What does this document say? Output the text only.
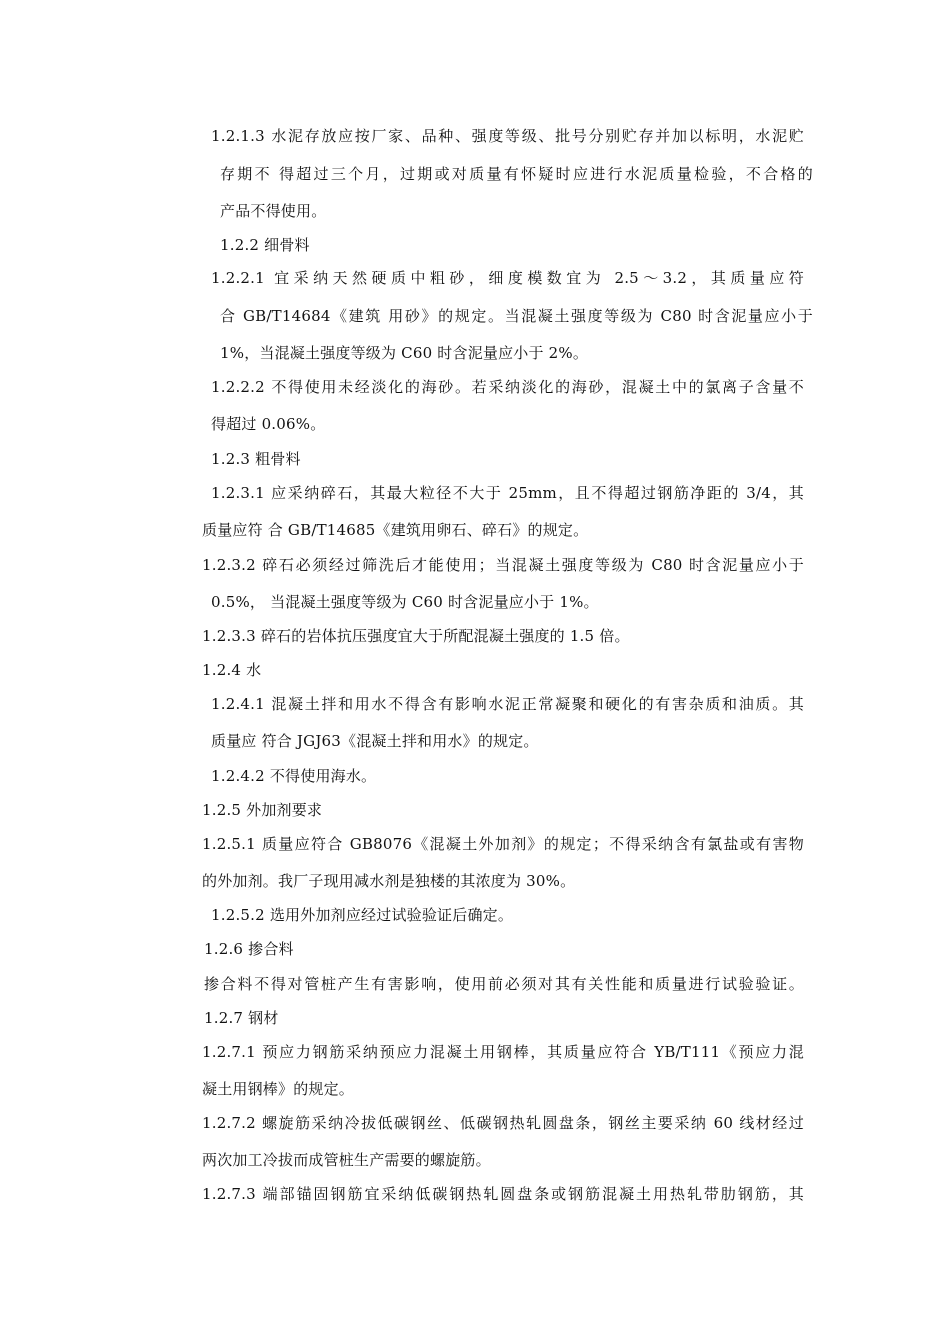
1.2.1.3 水泥存放应按厂家、品种、强度等级、批号分别贮存并加以标明，水泥贮
存期不 得超过三个月，过期或对质量有怀疑时应进行水泥质量检验，不合格的
产品不得使用。
1.2.2 细骨料
1.2.2.1 宜采纳天然硬质中粗砂，细度模数宜为 2.5～3.2，其质量应符
合 GB/T14684《建筑 用砂》的规定。当混凝土强度等级为 C80 时含泥量应小于
1%，当混凝土强度等级为 C60 时含泥量应小于 2%。
1.2.2.2 不得使用未经淡化的海砂。若采纳淡化的海砂，混凝土中的氯离子含量不
得超过 0.06%。
1.2.3 粗骨料
1.2.3.1 应采纳碎石，其最大粒径不大于 25mm，且不得超过钢筋净距的 3/4，其
质量应符 合 GB/T14685《建筑用卵石、碎石》的规定。
1.2.3.2 碎石必须经过筛洗后才能使用；当混凝土强度等级为 C80 时含泥量应小于
0.5%， 当混凝土强度等级为 C60 时含泥量应小于 1%。
1.2.3.3 碎石的岩体抗压强度宜大于所配混凝土强度的 1.5 倍。
1.2.4 水
1.2.4.1 混凝土拌和用水不得含有影响水泥正常凝聚和硬化的有害杂质和油质。其
质量应 符合 JGJ63《混凝土拌和用水》的规定。
1.2.4.2 不得使用海水。
1.2.5 外加剂要求
1.2.5.1 质量应符合 GB8076《混凝土外加剂》的规定；不得采纳含有氯盐或有害物
的外加剂。我厂子现用减水剂是独楼的其浓度为 30%。
1.2.5.2 选用外加剂应经过试验验证后确定。
1.2.6 掺合料
掺合料不得对管桩产生有害影响，使用前必须对其有关性能和质量进行试验验证。
1.2.7 钢材
1.2.7.1 预应力钢筋采纳预应力混凝土用钢棒，其质量应符合 YB/T111《预应力混
凝土用钢棒》的规定。
1.2.7.2 螺旋筋采纳冷拔低碳钢丝、低碳钢热轧圆盘条，钢丝主要采纳 60 线材经过
两次加工冷拔而成管桩生产需要的螺旋筋。
1.2.7.3 端部锚固钢筋宜采纳低碳钢热轧圆盘条或钢筋混凝土用热轧带肋钢筋，其
